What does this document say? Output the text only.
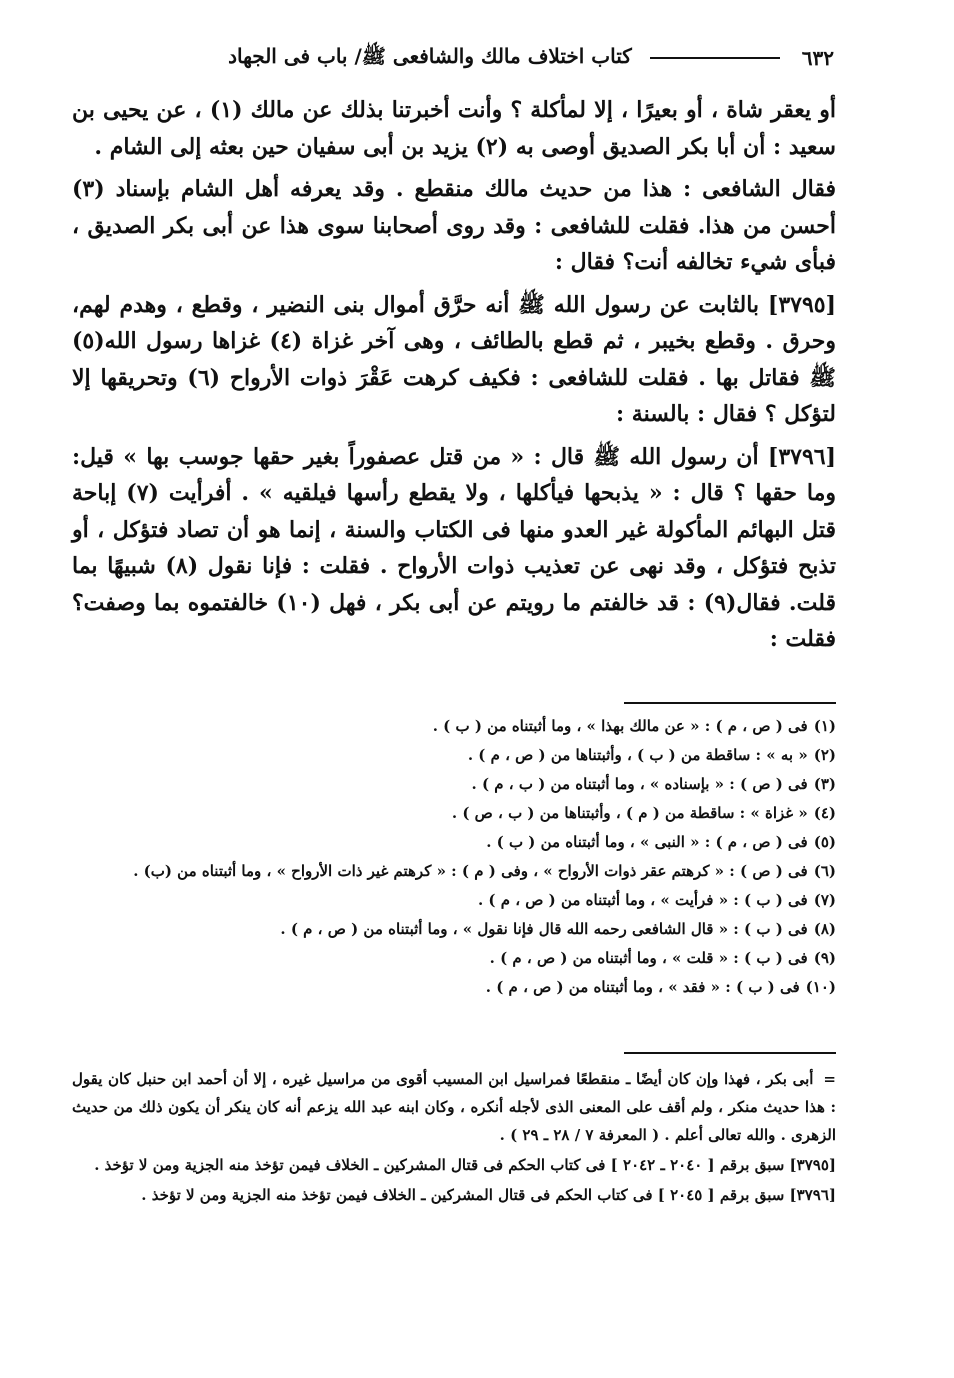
٦٣٢
كتاب اختلاف مالك والشافعى ﷺ/ باب فى الجهاد

أو يعقر شاة ، أو بعيرًا ، إلا لمأكلة ؟ وأنت أخبرتنا بذلك عن مالك (١) ، عن يحيى بن سعيد : أن أبا بكر الصديق أوصى به (٢) يزيد بن أبى سفيان حين بعثه إلى الشام .

فقال الشافعى : هذا من حديث مالك منقطع . وقد يعرفه أهل الشام بإسناد (٣) أحسن من هذا. فقلت للشافعى : وقد روى أصحابنا سوى هذا عن أبى بكر الصديق ، فبأى شيء تخالفه أنت؟ فقال :

[٣٧٩٥] بالثابت عن رسول الله ﷺ أنه حرَّق أموال بنى النضير ، وقطع ، وهدم لهم، وحرق . وقطع بخيبر ، ثم قطع بالطائف ، وهى آخر غزاة (٤) غزاها رسول الله(٥) ﷺ فقاتل بها . فقلت للشافعى : فكيف كرهت عَقْرَ ذوات الأرواح (٦) وتحريقها إلا لتؤكل ؟ فقال : بالسنة :

[٣٧٩٦] أن رسول الله ﷺ قال : « من قتل عصفوراً بغير حقها جوسب بها » قيل: وما حقها ؟ قال : « يذبحها فيأكلها ، ولا يقطع رأسها فيلقيه » . أفرأيت (٧) إباحة قتل البهائم المأكولة غير العدو منها فى الكتاب والسنة ، إنما هو أن تصاد فتؤكل ، أو تذبح فتؤكل ، وقد نهى عن تعذيب ذوات الأرواح . فقلت : فإنا نقول (٨) شبيهًا بما قلت. فقال(٩) : قد خالفتم ما رويتم عن أبى بكر ، فهل (١٠) خالفتموه بما وصفت؟ فقلت :

(١)فى ( ص ، م ) : « عن مالك بهذا » ، وما أثبتناه من ( ب ) .

(٢)« به » : ساقطة من ( ب ) ، وأثبتناها من ( ص ، م ) .

(٣)فى ( ص ) : « بإسناده » ، وما أثبتناه من ( ب ، م ) .

(٤)« غزاة » : ساقطة من ( م ) ، وأثبتناها من ( ب ، ص ) .

(٥)فى ( ص ، م ) : « النبى » ، وما أثبتناه من ( ب ) .

(٦)فى ( ص ) : « كرهتم عقر ذوات الأرواح » ، وفى ( م ) : « كرهتم غير ذات الأرواح » ، وما أثبتناه من (ب) .

(٧)فى ( ب ) : « فرأيت » ، وما أثبتناه من ( ص ، م ) .

(٨)فى ( ب ) : « قال الشافعى رحمه الله قال فإنا نقول » ، وما أثبتناه من ( ص ، م ) .

(٩)فى ( ب ) : « قلت » ، وما أثبتناه من ( ص ، م ) .

(١٠)فى ( ب ) : « فقد » ، وما أثبتناه من ( ص ، م ) .

=أبى بكر ، فهذا وإن كان أيضًا ـ منقطعًا فمراسيل ابن المسيب أقوى من مراسيل غيره ، إلا أن أحمد ابن حنبل كان يقول : هذا حديث منكر ، ولم أقف على المعنى الذى لأجله أنكره ، وكان ابنه عبد الله يزعم أنه كان ينكر أن يكون ذلك من حديث الزهرى . والله تعالى أعلم . ( المعرفة ٧ / ٢٨ ـ ٢٩ ) .

[٣٧٩٥] سبق برقم [ ٢٠٤٠ ـ ٢٠٤٢ ] فى كتاب الحكم فى قتال المشركين ـ الخلاف فيمن تؤخذ منه الجزية ومن لا تؤخذ .

[٣٧٩٦] سبق برقم [ ٢٠٤٥ ] فى كتاب الحكم فى قتال المشركين ـ الخلاف فيمن تؤخذ منه الجزية ومن لا تؤخذ .
